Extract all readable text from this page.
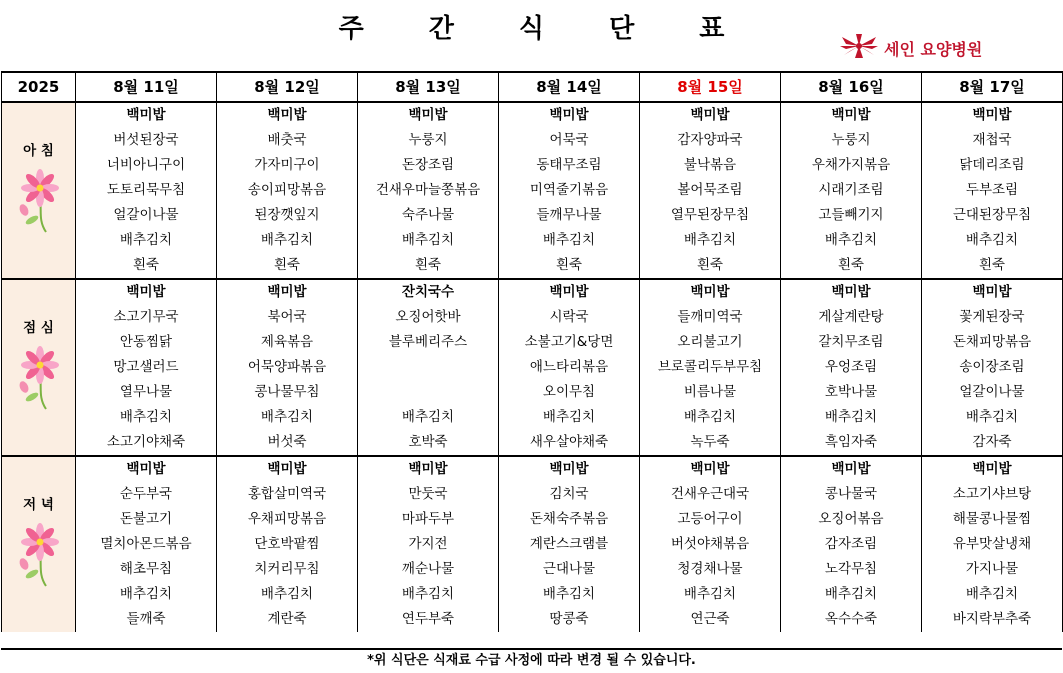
주 간 식 단 표
세인 요양병원
2025	8월 11일	8월 12일	8월 13일	8월 14일	8월 15일	8월 16일	8월 17일

아 침	백미밥	백미밥	백미밥	백미밥	백미밥	백미밥	백미밥
	버섯된장국	배춧국	누룽지	어묵국	감자양파국	누룽지	재첩국
	너비아니구이	가자미구이	돈장조림	동태무조림	불낙볶음	우채가지볶음	닭데리조림
	도토리묵무침	송이피망볶음	건새우마늘쫑볶음	미역줄기볶음	볼어묵조림	시래기조림	두부조림
	얼갈이나물	된장깻잎지	숙주나물	들깨무나물	열무된장무침	고들빼기지	근대된장무침
	배추김치	배추김치	배추김치	배추김치	배추김치	배추김치	배추김치
	흰죽	흰죽	흰죽	흰죽	흰죽	흰죽	흰죽

점 심	백미밥	백미밥	잔치국수	백미밥	백미밥	백미밥	백미밥
	소고기무국	북어국	오징어핫바	시락국	들깨미역국	게살계란탕	꽃게된장국
	안동찜닭	제육볶음	블루베리주스	소불고기&당면	오리불고기	갈치무조림	돈채피망볶음
	망고샐러드	어묵양파볶음		애느타리볶음	브로콜리두부무침	우엉조림	송이장조림
	열무나물	콩나물무침		오이무침	비름나물	호박나물	얼갈이나물
	배추김치	배추김치	배추김치	배추김치	배추김치	배추김치	배추김치
	소고기야채죽	버섯죽	호박죽	새우살야채죽	녹두죽	흑임자죽	감자죽

저 녁	백미밥	백미밥	백미밥	백미밥	백미밥	백미밥	백미밥
	순두부국	홍합살미역국	만둣국	김치국	건새우근대국	콩나물국	소고기샤브탕
	돈불고기	우채피망볶음	마파두부	돈채숙주볶음	고등어구이	오징어볶음	해물콩나물찜
	멸치아몬드볶음	단호박팥찜	가지전	계란스크램블	버섯야채볶음	감자조림	유부맛살냉채
	해초무침	치커리무침	깨순나물	근대나물	청경채나물	노각무침	가지나물
	배추김치	배추김치	배추김치	배추김치	배추김치	배추김치	배추김치
	들깨죽	계란죽	연두부죽	땅콩죽	연근죽	옥수수죽	바지락부추죽
*위 식단은 식재료 수급 사정에 따라 변경 될 수 있습니다.
